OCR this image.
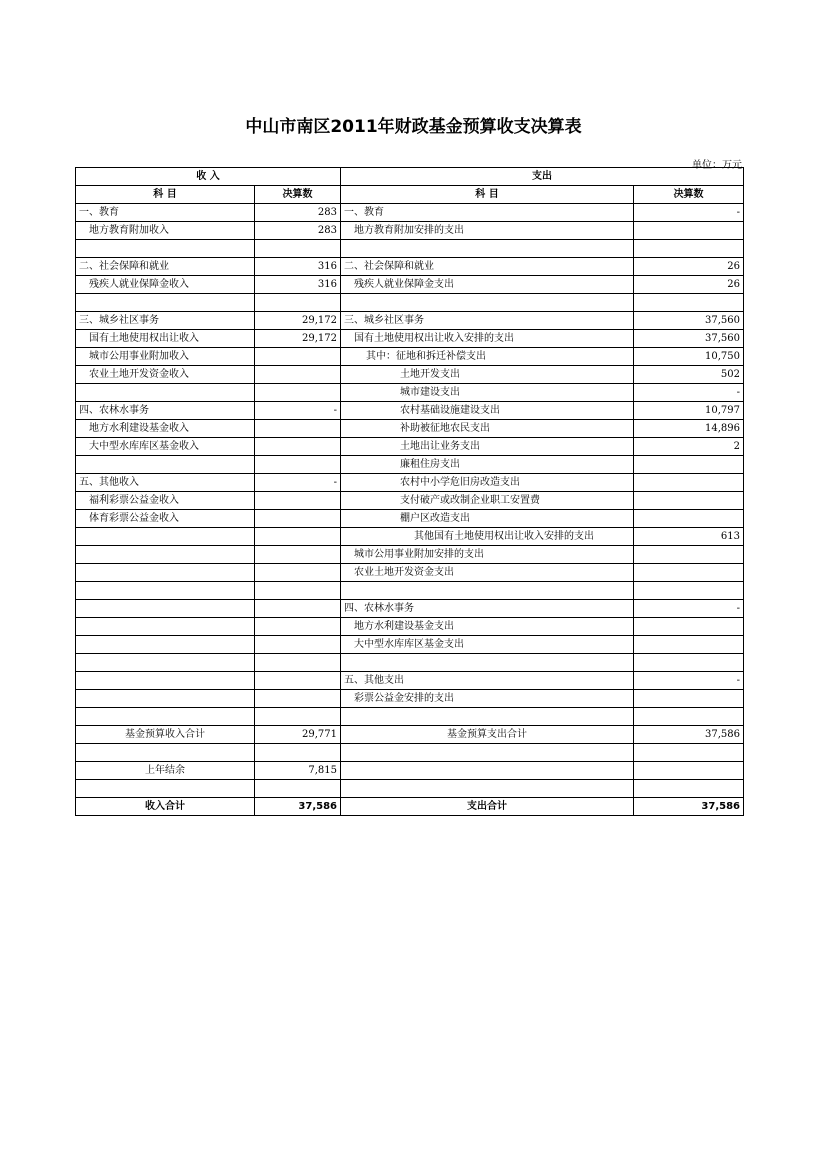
中山市南区2011年财政基金预算收支决算表
单位：万元
收 入		支出	
科 目	决算数	科 目	决算数
一、教育	283	一、教育	-
地方教育附加收入	283	地方教育附加安排的支出	

二、社会保障和就业	316	二、社会保障和就业	26
残疾人就业保障金收入	316	残疾人就业保障金支出	26

三、城乡社区事务	29,172	三、城乡社区事务	37,560
国有土地使用权出让收入	29,172	国有土地使用权出让收入安排的支出	37,560
城市公用事业附加收入		其中：征地和拆迁补偿支出	10,750
农业土地开发资金收入		土地开发支出	502
		城市建设支出	-
四、农林水事务	-	农村基础设施建设支出	10,797
地方水利建设基金收入		补助被征地农民支出	14,896
大中型水库库区基金收入		土地出让业务支出	2
		廉租住房支出	
五、其他收入	-	农村中小学危旧房改造支出	
福利彩票公益金收入		支付破产或改制企业职工安置费	
体育彩票公益金收入		棚户区改造支出	
		其他国有土地使用权出让收入安排的支出	613
		城市公用事业附加安排的支出	
		农业土地开发资金支出	

		四、农林水事务	-
		地方水利建设基金支出	
		大中型水库库区基金支出	

		五、其他支出	-
		彩票公益金安排的支出	

基金预算收入合计	29,771	基金预算支出合计	37,586

上年结余	7,815		

收入合计	37,586	支出合计	37,586
